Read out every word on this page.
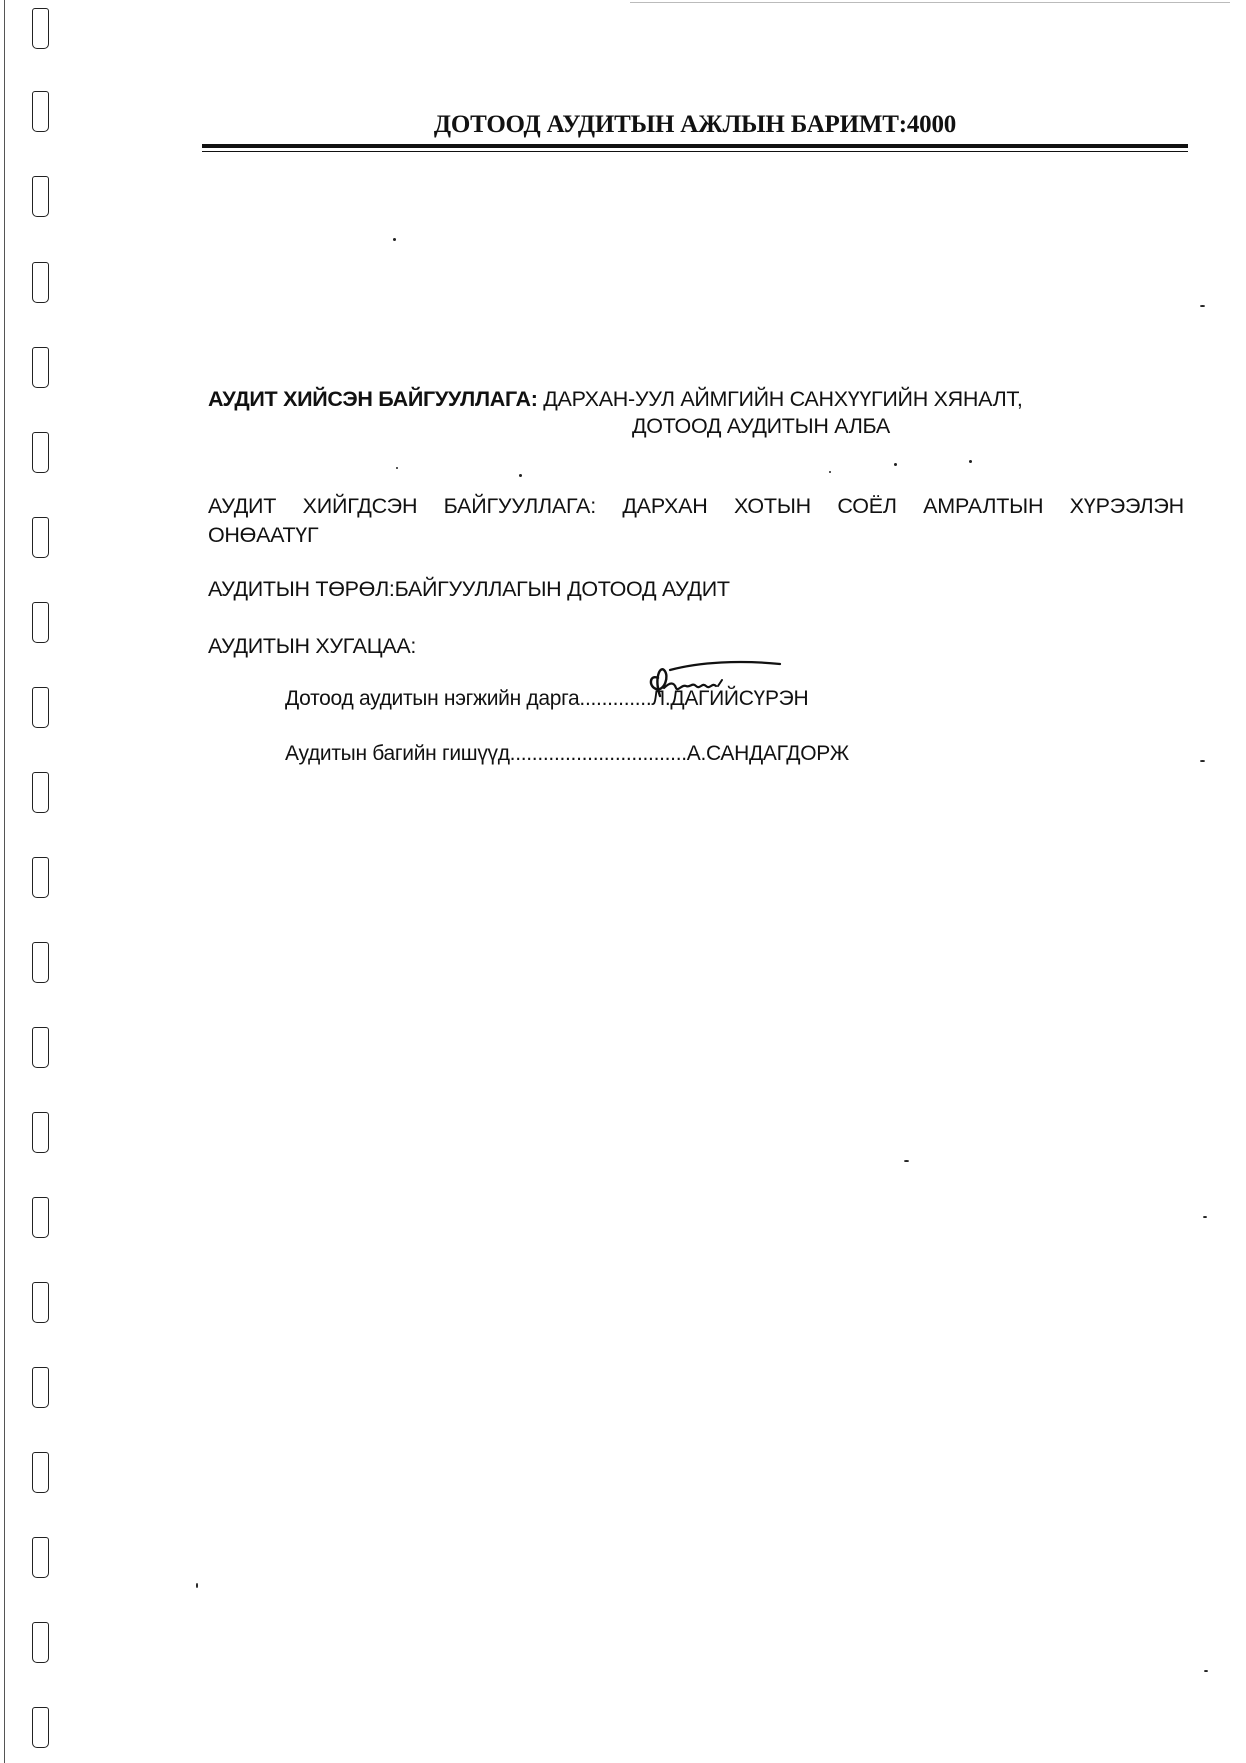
ДОТООД АУДИТЫН АЖЛЫН БАРИМТ:4000
АУДИТ ХИЙСЭН БАЙГУУЛЛАГА: ДАРХАН-УУЛ АЙМГИЙН САНХҮҮГИЙН ХЯНАЛТ,
ДОТООД АУДИТЫН АЛБА
АУДИТ ХИЙГДСЭН БАЙГУУЛЛАГА: ДАРХАН ХОТЫН СОЁЛ АМРАЛТЫН ХҮРЭЭЛЭН
ОНӨААТҮГ
АУДИТЫН ТӨРӨЛ:БАЙГУУЛЛАГЫН ДОТООД АУДИТ
АУДИТЫН ХУГАЦАА:
Дотоод аудитын нэгжийн дарга.............Л.ДАГИЙСҮРЭН
Аудитын багийн гишүүд................................А.САНДАГДОРЖ
